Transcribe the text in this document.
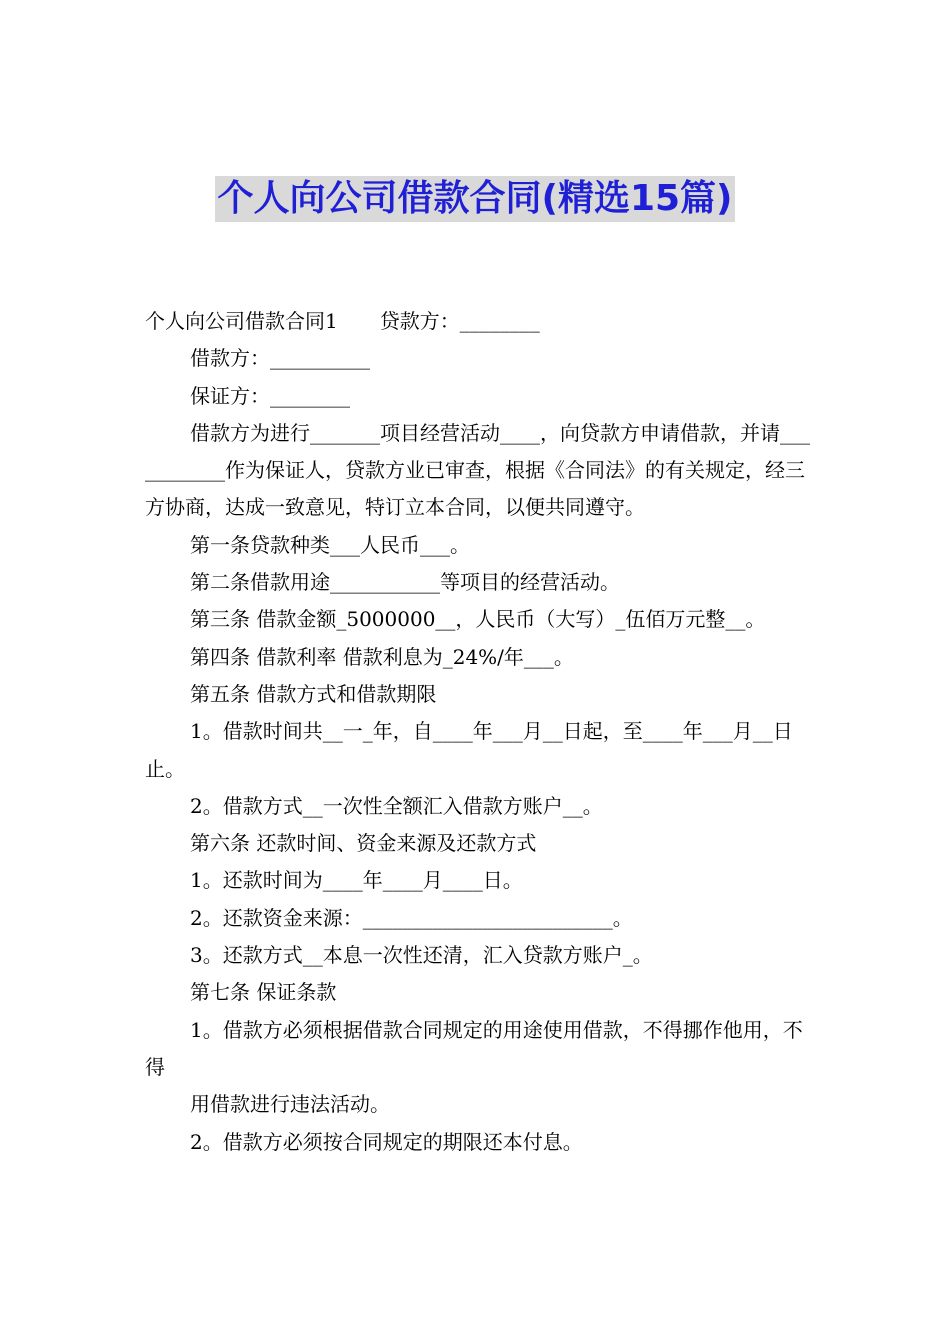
个人向公司借款合同(精选15篇)

个人向公司借款合同1 贷款方：________

借款方：__________

保证方：________

借款方为进行_______项目经营活动____，向贷款方申请借款，并请___________作为保证人，贷款方业已审查，根据《合同法》的有关规定，经三方协商，达成一致意见，特订立本合同，以便共同遵守。

第一条贷款种类___人民币___。

第二条借款用途___________等项目的经营活动。

第三条 借款金额_5000000__，人民币（大写）_伍佰万元整__。

第四条 借款利率 借款利息为_24%/年___。

第五条 借款方式和借款期限

1。借款时间共__一_年，自____年___月__日起，至____年___月__日止。

2。借款方式__一次性全额汇入借款方账户__。

第六条 还款时间、资金来源及还款方式

1。还款时间为____年____月____日。

2。还款资金来源：_________________________。

3。还款方式__本息一次性还清，汇入贷款方账户_。

第七条 保证条款

1。借款方必须根据借款合同规定的用途使用借款，不得挪作他用，不得

用借款进行违法活动。

2。借款方必须按合同规定的期限还本付息。
